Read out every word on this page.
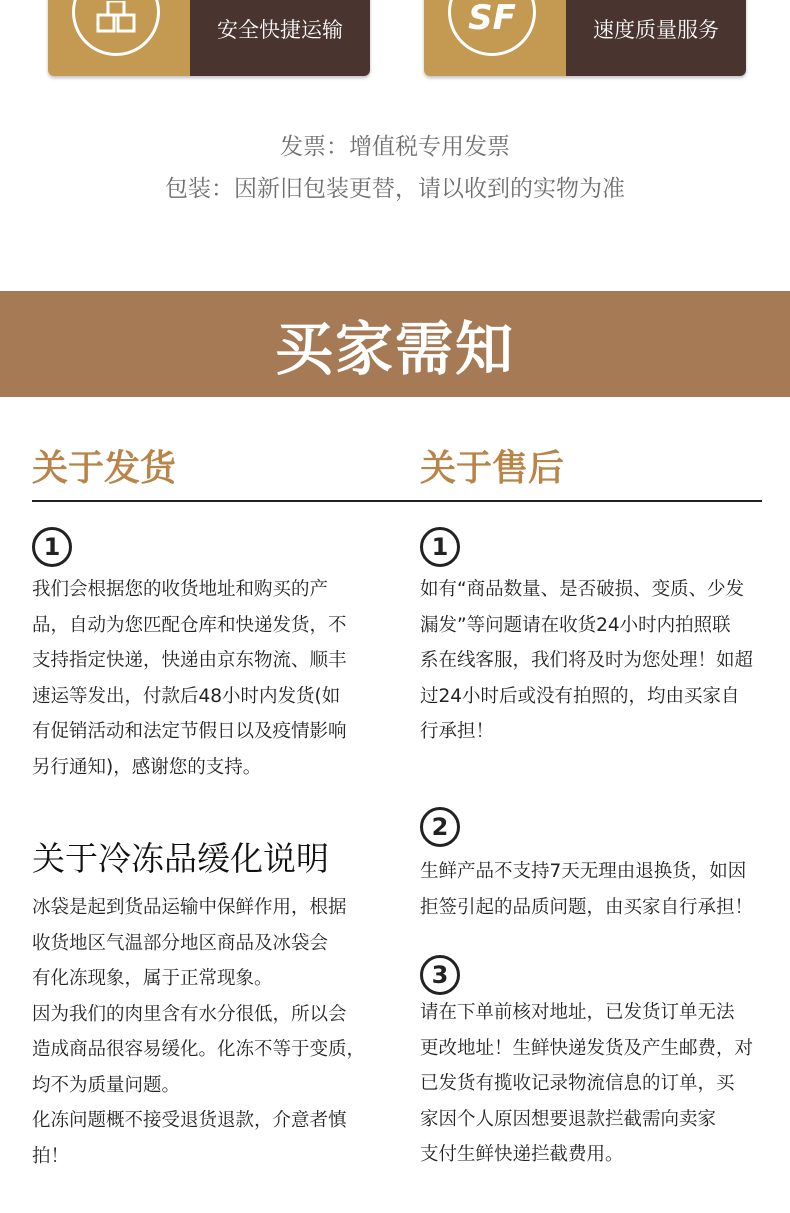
安全快捷运输	SF	速度质量服务
发票：增值税专用发票
包装：因新旧包装更替，请以收到的实物为准
买家需知
关于发货	关于售后
1
我们会根据您的收货地址和购买的产
品，自动为您匹配仓库和快递发货，不
支持指定快递，快递由京东物流、顺丰
速运等发出，付款后48小时内发货(如
有促销活动和法定节假日以及疫情影响
另行通知)，感谢您的支持。
关于冷冻品缓化说明
冰袋是起到货品运输中保鲜作用，根据
收货地区气温部分地区商品及冰袋会
有化冻现象，属于正常现象。
因为我们的肉里含有水分很低，所以会
造成商品很容易缓化。化冻不等于变质，
均不为质量问题。
化冻问题概不接受退货退款，介意者慎
拍！
1
如有“商品数量、是否破损、变质、少发
漏发”等问题请在收货24小时内拍照联
系在线客服，我们将及时为您处理！如超
过24小时后或没有拍照的，均由买家自
行承担！
2
生鲜产品不支持7天无理由退换货，如因
拒签引起的品质问题，由买家自行承担！
3
请在下单前核对地址，已发货订单无法
更改地址！生鲜快递发货及产生邮费，对
已发货有揽收记录物流信息的订单，买
家因个人原因想要退款拦截需向卖家
支付生鲜快递拦截费用。
